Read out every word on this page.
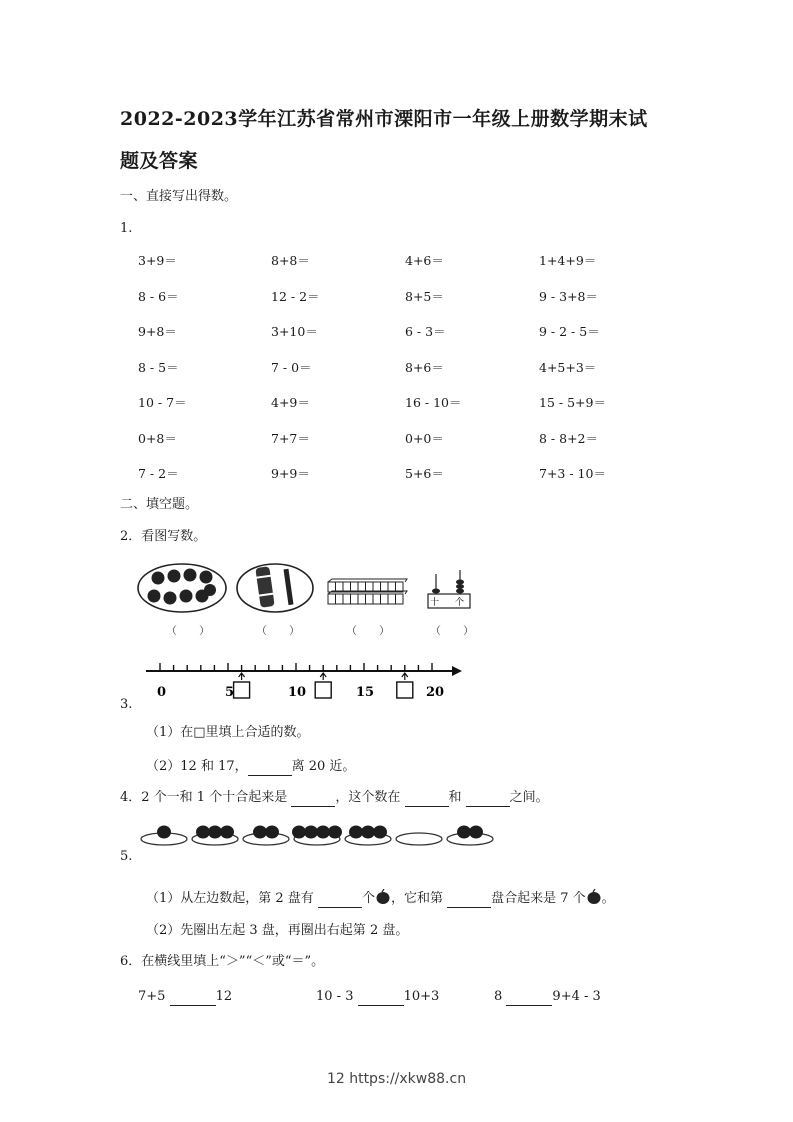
2022-2023学年江苏省常州市溧阳市一年级上册数学期末试
题及答案
一、直接写出得数。
1.
3+9＝	8+8＝	4+6＝	1+4+9＝
8 - 6＝	12 - 2＝	8+5＝	9 - 3+8＝
9+8＝	3+10＝	6 - 3＝	9 - 2 - 5＝
8 - 5＝	7 - 0＝	8+6＝	4+5+3＝
10 - 7＝	4+9＝	16 - 10＝	15 - 5+9＝
0+8＝	7+7＝	0+0＝	8 - 8+2＝
7 - 2＝	9+9＝	5+6＝	7+3 - 10＝
二、填空题。
2．看图写数。
十 个
（　　）	（　　）	（　　）	（　　）
0	5	10	15	20
3.
（1）在□里填上合适的数。
（2）12 和 17，	离 20 近。
4．2 个一和 1 个十合起来是	，这个数在	和	之间。
5.
（1）从左边数起，第 2 盘有	个 ，它和第	盘合起来是 7 个 。
（2）先圈出左起 3 盘，再圈出右起第 2 盘。
6．在横线里填上“＞”“＜”或“＝”。
7+5	12	10 - 3	10+3	8	9+4 - 3
12 https://xkw88.cn
